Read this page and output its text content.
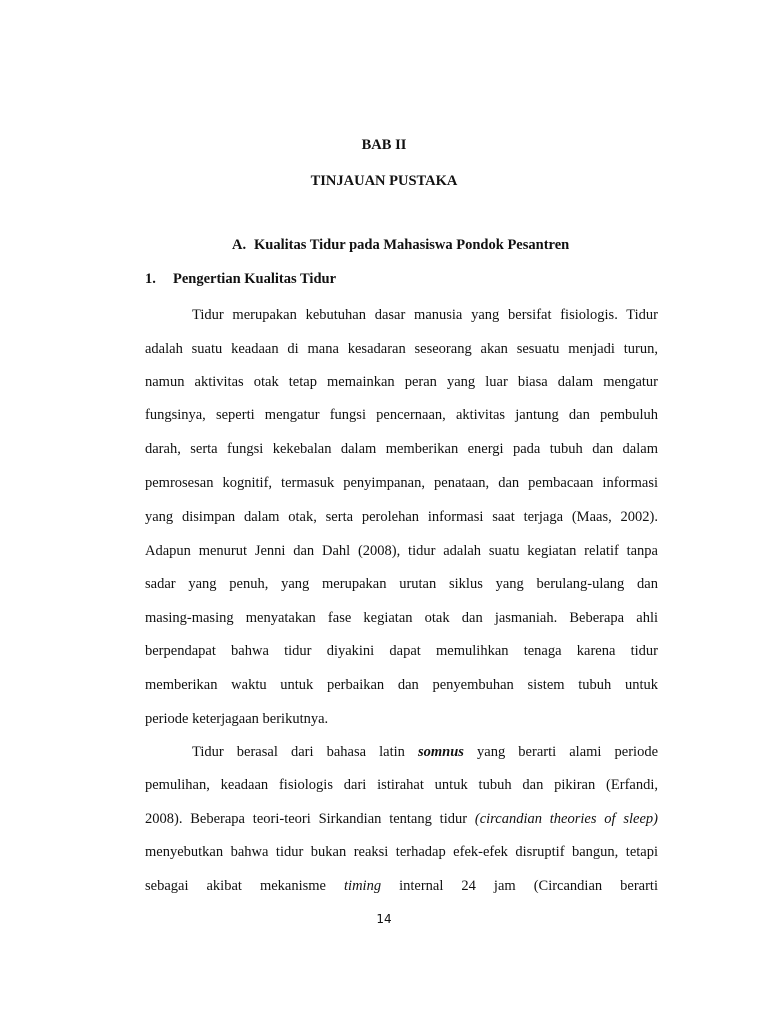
BAB II
TINJAUAN PUSTAKA
A. Kualitas Tidur pada Mahasiswa Pondok Pesantren
1. Pengertian Kualitas Tidur
Tidur merupakan kebutuhan dasar manusia yang bersifat fisiologis. Tidur
adalah suatu keadaan di mana kesadaran seseorang akan sesuatu menjadi turun,
namun aktivitas otak tetap memainkan peran yang luar biasa dalam mengatur
fungsinya, seperti mengatur fungsi pencernaan, aktivitas jantung dan pembuluh
darah, serta fungsi kekebalan dalam memberikan energi pada tubuh dan dalam
pemrosesan kognitif, termasuk penyimpanan, penataan, dan pembacaan informasi
yang disimpan dalam otak, serta perolehan informasi saat terjaga (Maas, 2002).
Adapun menurut Jenni dan Dahl (2008), tidur adalah suatu kegiatan relatif tanpa
sadar yang penuh, yang merupakan urutan siklus yang berulang-ulang dan
masing-masing menyatakan fase kegiatan otak dan jasmaniah. Beberapa ahli
berpendapat bahwa tidur diyakini dapat memulihkan tenaga karena tidur
memberikan waktu untuk perbaikan dan penyembuhan sistem tubuh untuk
periode keterjagaan berikutnya.
Tidur berasal dari bahasa latin somnus yang berarti alami periode
pemulihan, keadaan fisiologis dari istirahat untuk tubuh dan pikiran (Erfandi,
2008). Beberapa teori-teori Sirkandian tentang tidur (circandian theories of sleep)
menyebutkan bahwa tidur bukan reaksi terhadap efek-efek disruptif bangun, tetapi
sebagai akibat mekanisme timing internal 24 jam (Circandian berarti
14
